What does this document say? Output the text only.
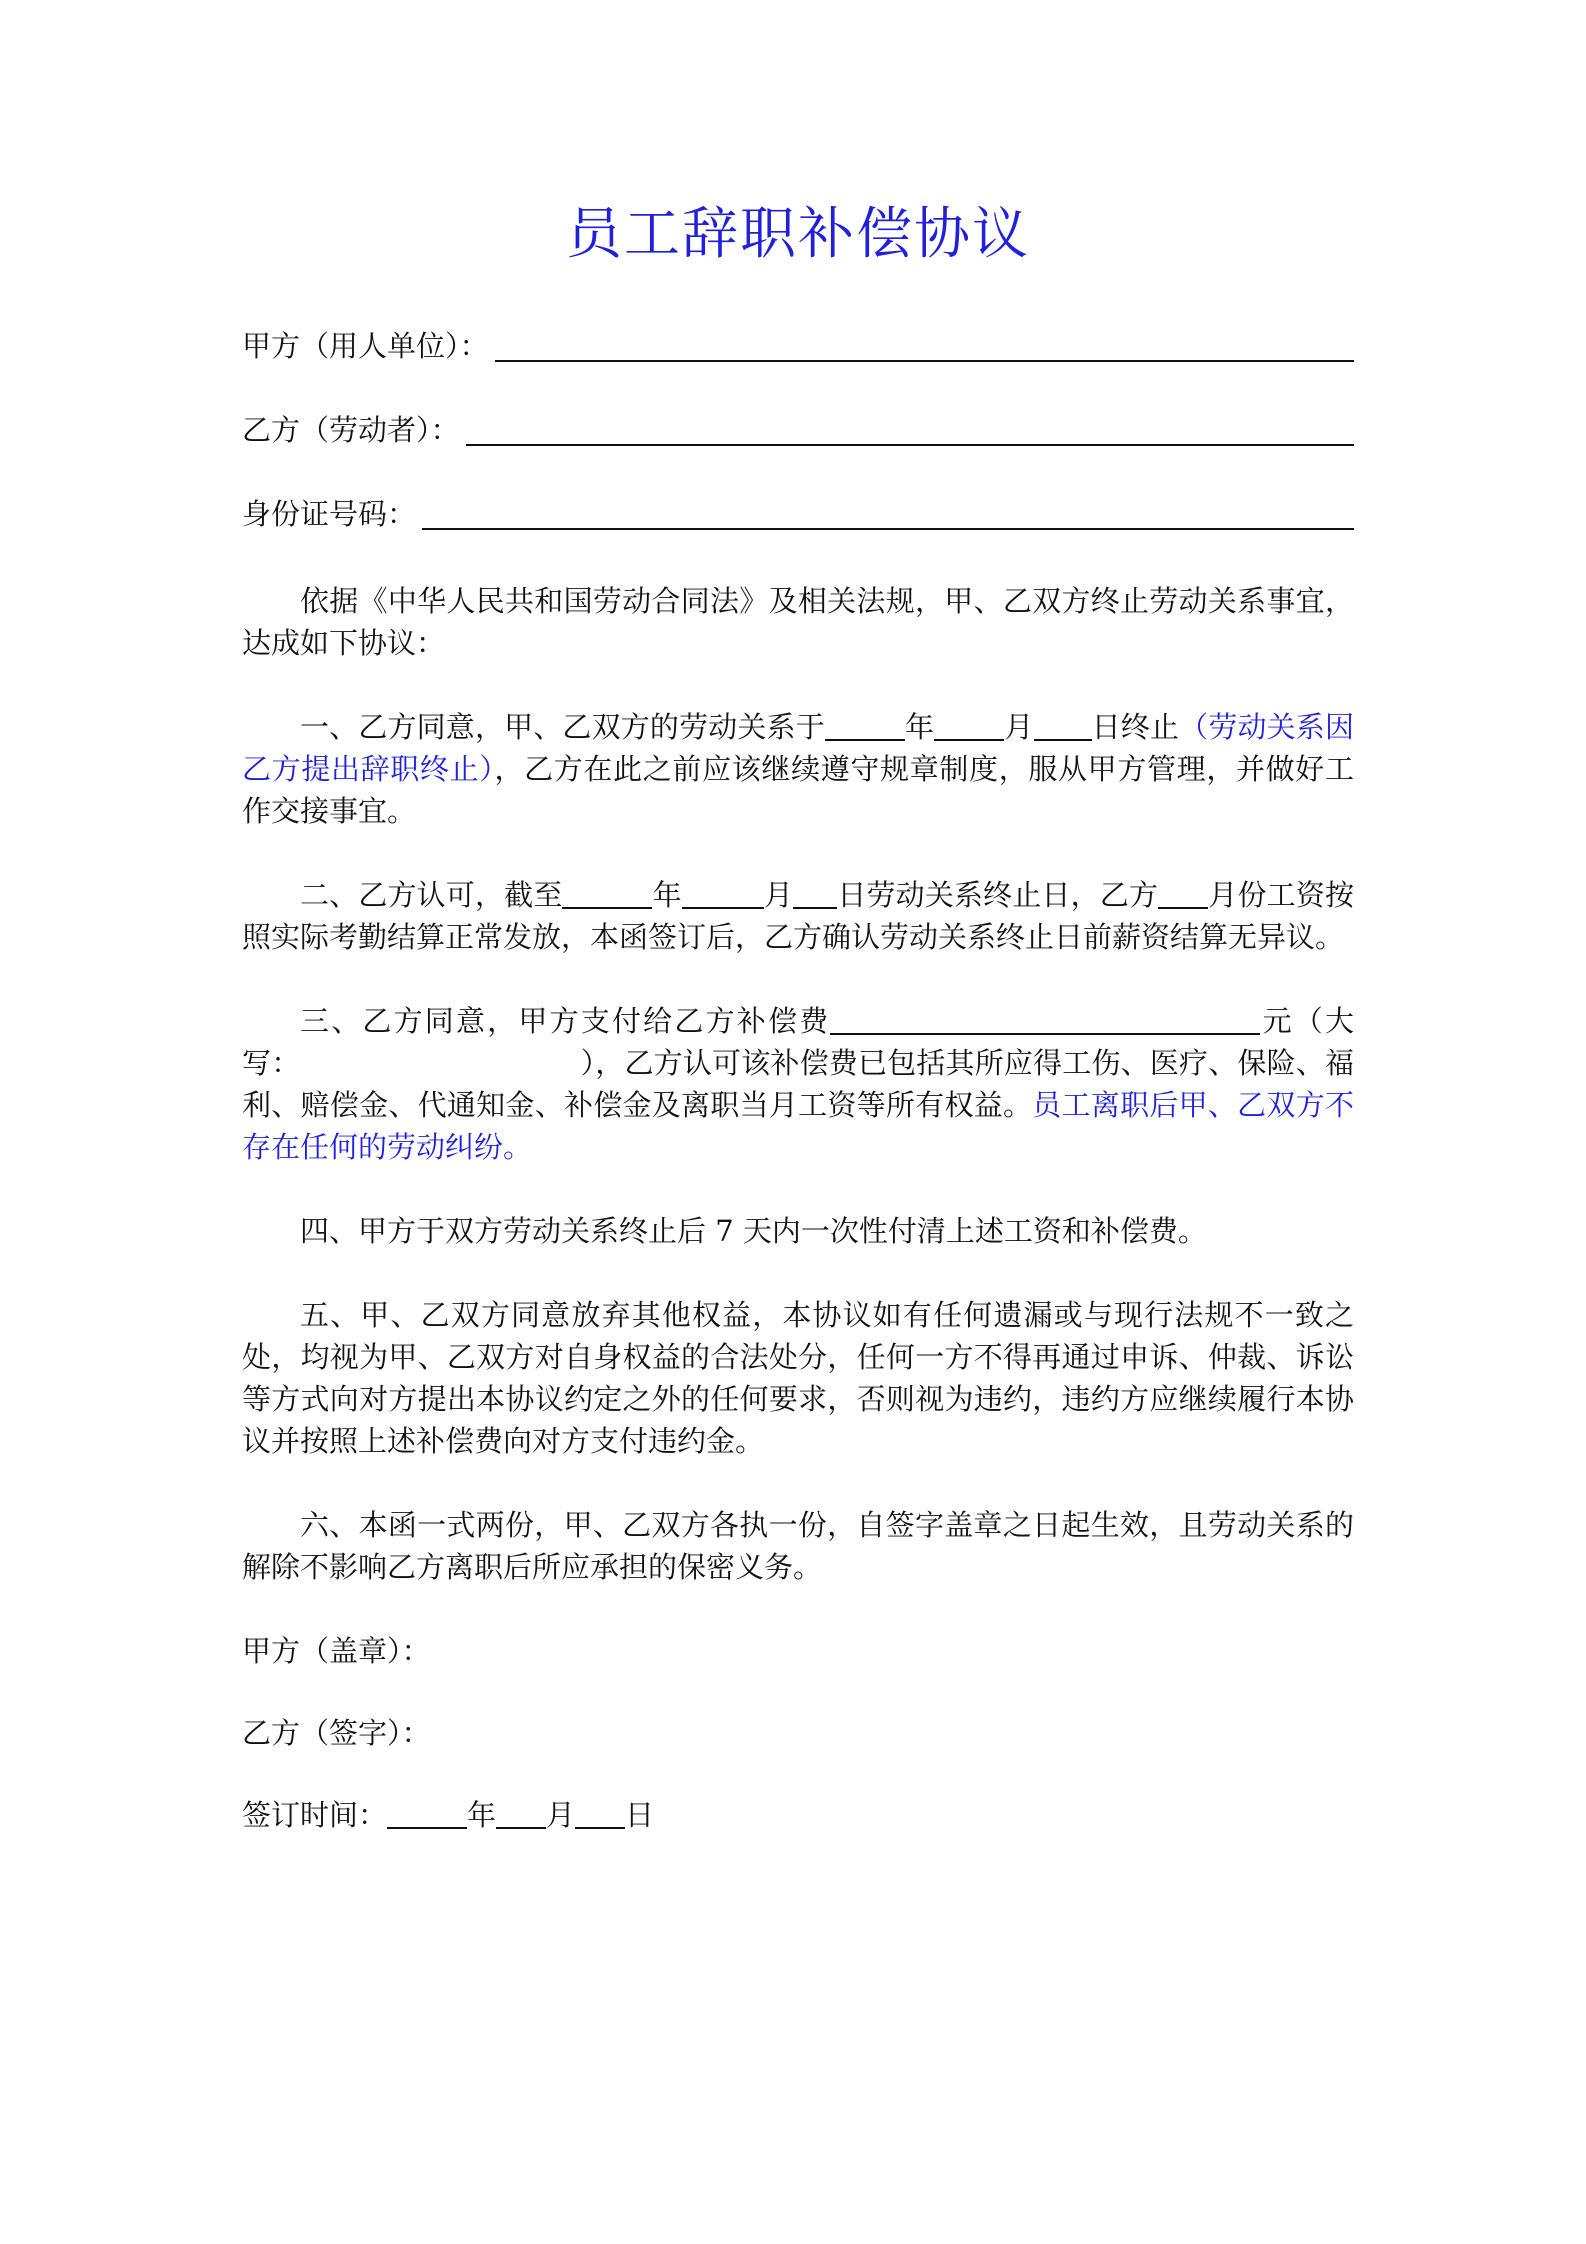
员工辞职补偿协议
甲方（用人单位）：
乙方（劳动者）：
身份证号码：

依据《中华人民共和国劳动合同法》及相关法规，甲、乙双方终止劳动关系事宜，达成如下协议：

一、乙方同意，甲、乙双方的劳动关系于	年 月 日终止（劳动关系因乙方提出辞职终止），乙方在此之前应该继续遵守规章制度，服从甲方管理，并做好工作交接事宜。

二、乙方认可，截至	年	月 日劳动关系终止日，乙方 月份工资按照实际考勤结算正常发放，本函签订后，乙方确认劳动关系终止日前薪资结算无异议。

三、乙方同意，甲方支付给乙方补偿费	元（大写：	），乙方认可该补偿费已包括其所应得工伤、医疗、保险、福利、赔偿金、代通知金、补偿金及离职当月工资等所有权益。员工离职后甲、乙双方不存在任何的劳动纠纷。

四、甲方于双方劳动关系终止后 7 天内一次性付清上述工资和补偿费。

五、甲、乙双方同意放弃其他权益，本协议如有任何遗漏或与现行法规不一致之处，均视为甲、乙双方对自身权益的合法处分，任何一方不得再通过申诉、仲裁、诉讼等方式向对方提出本协议约定之外的任何要求，否则视为违约，违约方应继续履行本协议并按照上述补偿费向对方支付违约金。

六、本函一式两份，甲、乙双方各执一份，自签字盖章之日起生效，且劳动关系的解除不影响乙方离职后所应承担的保密义务。

甲方（盖章）：
乙方（签字）：
签订时间：	年 月 日
